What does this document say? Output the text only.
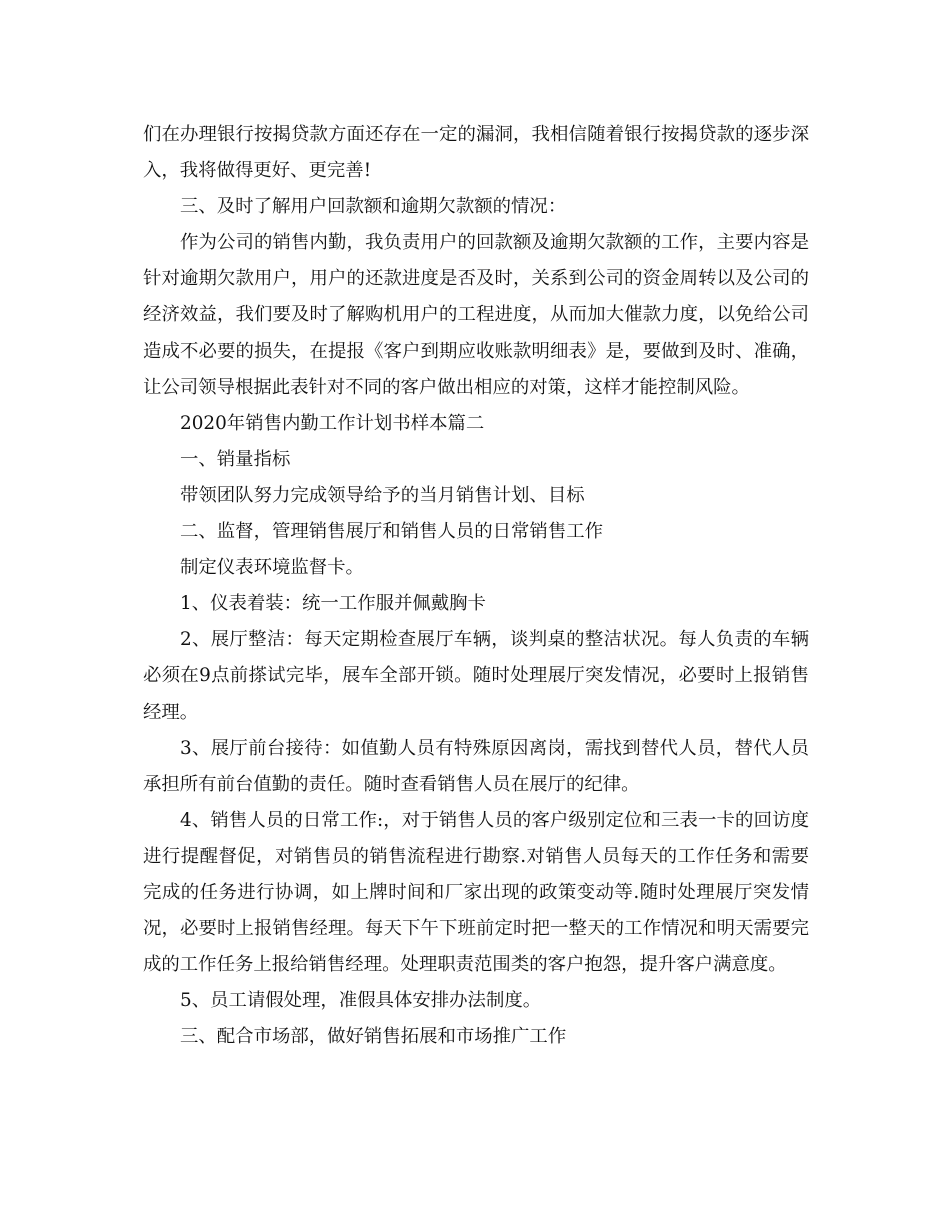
们在办理银行按揭贷款方面还存在一定的漏洞，我相信随着银行按揭贷款的逐步深入，我将做得更好、更完善!

三、及时了解用户回款额和逾期欠款额的情况：

作为公司的销售内勤，我负责用户的回款额及逾期欠款额的工作，主要内容是针对逾期欠款用户，用户的还款进度是否及时，关系到公司的资金周转以及公司的经济效益，我们要及时了解购机用户的工程进度，从而加大催款力度，以免给公司造成不必要的损失，在提报《客户到期应收账款明细表》是，要做到及时、准确，让公司领导根据此表针对不同的客户做出相应的对策，这样才能控制风险。

2020年销售内勤工作计划书样本篇二

一、销量指标

带领团队努力完成领导给予的当月销售计划、目标

二、监督，管理销售展厅和销售人员的日常销售工作

制定仪表环境监督卡。

1、仪表着装：统一工作服并佩戴胸卡

2、展厅整洁：每天定期检查展厅车辆，谈判桌的整洁状况。每人负责的车辆必须在9点前搽试完毕，展车全部开锁。随时处理展厅突发情况，必要时上报销售经理。

3、展厅前台接待：如值勤人员有特殊原因离岗，需找到替代人员，替代人员承担所有前台值勤的责任。随时查看销售人员在展厅的纪律。

4、销售人员的日常工作:，对于销售人员的客户级别定位和三表一卡的回访度进行提醒督促，对销售员的销售流程进行勘察.对销售人员每天的工作任务和需要完成的任务进行协调，如上牌时间和厂家出现的政策变动等.随时处理展厅突发情况，必要时上报销售经理。每天下午下班前定时把一整天的工作情况和明天需要完成的工作任务上报给销售经理。处理职责范围类的客户抱怨，提升客户满意度。

5、员工请假处理，准假具体安排办法制度。

三、配合市场部，做好销售拓展和市场推广工作
